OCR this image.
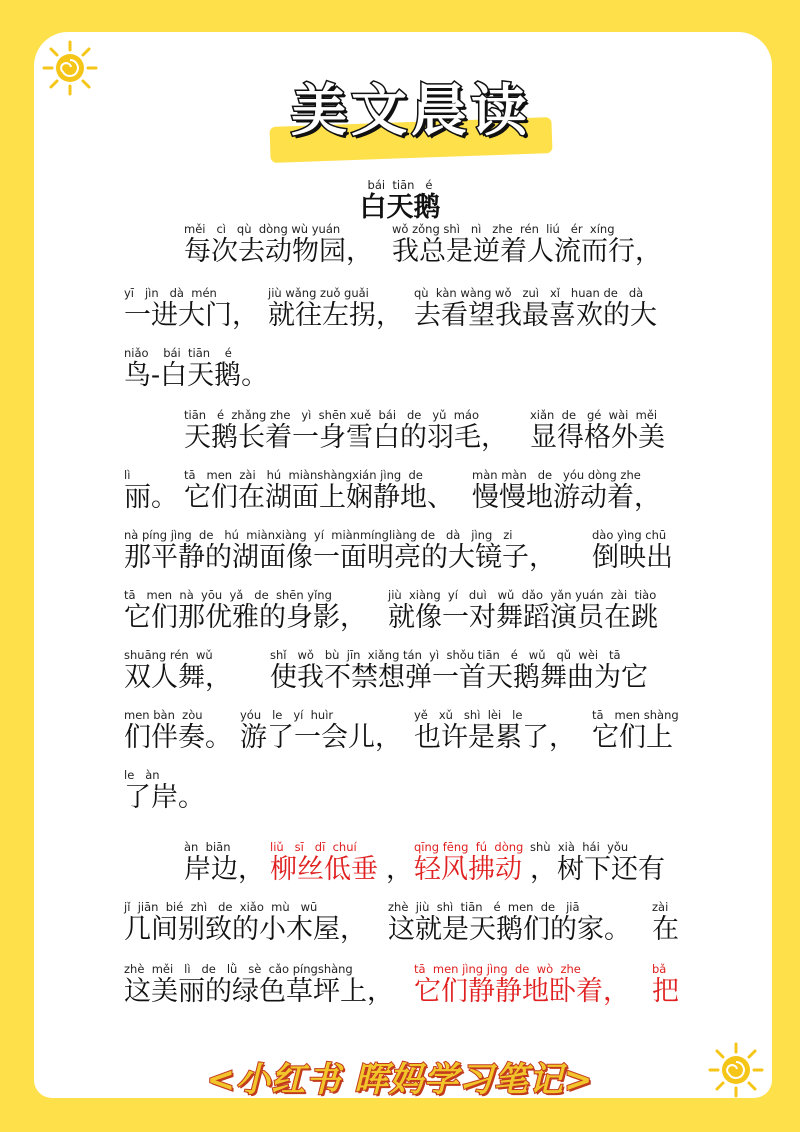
美文晨读
bái  tiān   é
白天鹅
měi   cì   qù  dòng wù yuán
每次去动物园，
wǒ zǒng shì   nì   zhe  rén  liú   ér  xíng
我总是逆着人流而行，
yī   jìn   dà  mén
一进大门，
jiù wǎng zuǒ guǎi
就往左拐，
qù  kàn wàng wǒ   zuì   xǐ   huan de   dà
去看望我最喜欢的大
niǎo    bái  tiān    é
鸟-白天鹅。
tiān   é  zhǎng zhe   yì  shēn xuě  bái   de   yǔ  máo
天鹅长着一身雪白的羽毛，
xiǎn  de   gé  wài  měi
显得格外美
lì
丽。
tā   men  zài   hú  miànshàngxián jìng  de
它们在湖面上娴静地、
màn màn   de   yóu dòng zhe
慢慢地游动着，
nà píng jìng  de   hú  miànxiàng  yí  miànmíngliàng de   dà   jìng   zi
那平静的湖面像一面明亮的大镜子，
dào yìng chū
倒映出
tā   men  nà  yōu  yǎ   de  shēn yǐng
它们那优雅的身影，
jiù  xiàng  yí   duì   wǔ  dǎo  yǎn yuán  zài  tiào
就像一对舞蹈演员在跳
shuāng rén  wǔ
双人舞，
shǐ   wǒ   bù  jīn  xiǎng tán  yì  shǒu tiān   é   wǔ   qǔ  wèi   tā
使我不禁想弹一首天鹅舞曲为它
men bàn  zòu
们伴奏。
yóu   le   yí  huìr
游了一会儿，
yě   xǔ   shì  lèi   le
也许是累了，
tā   men shàng
它们上
le   àn
了岸。
àn  biān
岸边，
liǔ   sī   dī  chuí
柳丝低垂 ，
qīng fēng  fú  dòng
轻风拂动
shù  xià  hái  yǒu
，树下还有
jǐ  jiān  bié  zhì   de  xiǎo  mù   wū
几间别致的小木屋，
zhè  jiù  shì  tiān   é  men  de   jiā
这就是天鹅们的家。
zài
在
zhè  měi   lì   de   lǜ   sè  cǎo píngshàng
这美丽的绿色草坪上，
tā  men jìng jìng  de  wò  zhe
它们静静地卧着，
bǎ
把
<小红书 晖妈学习笔记>
